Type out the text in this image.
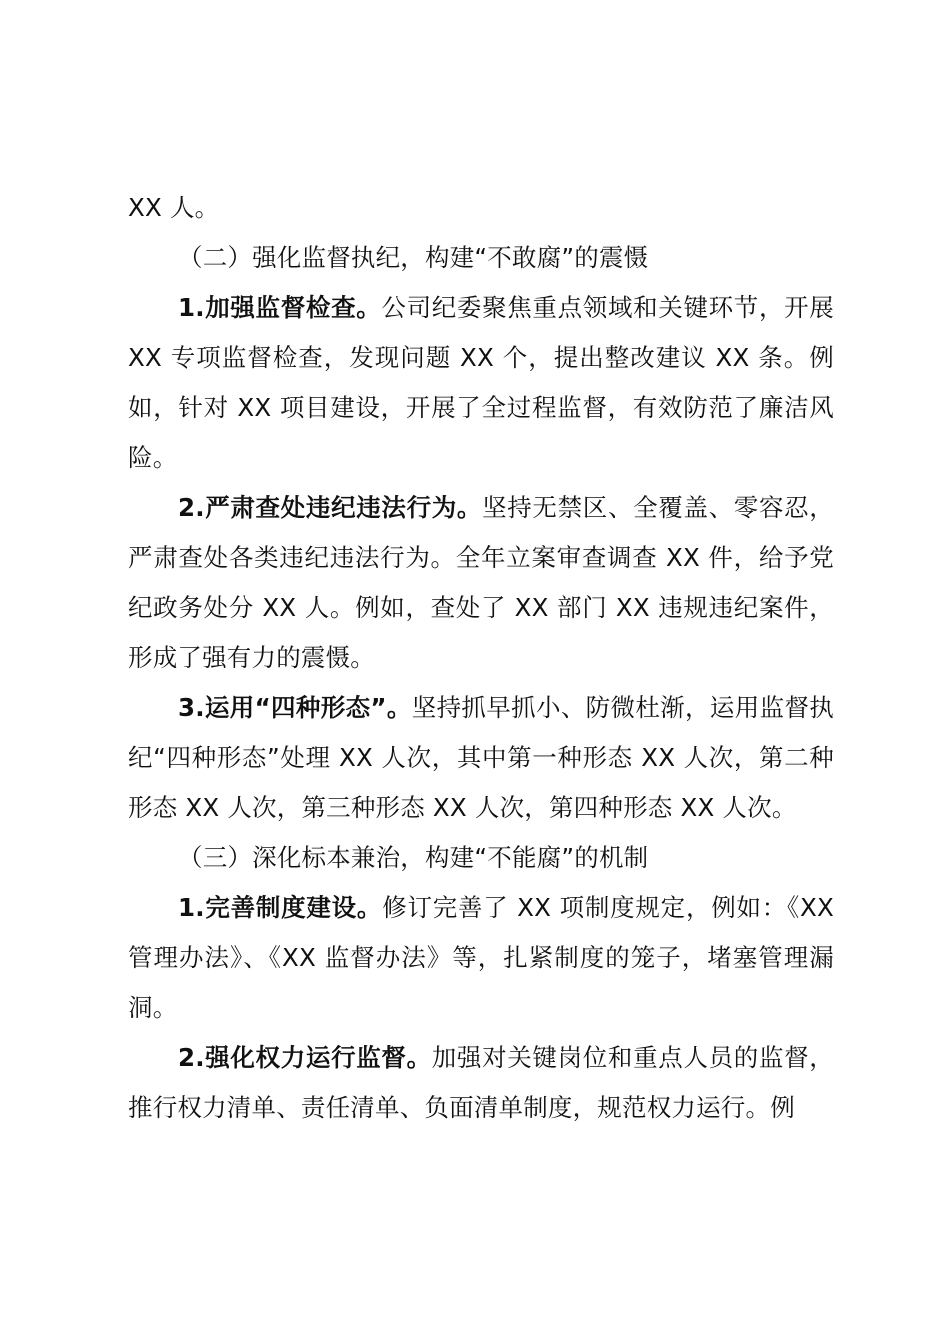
XX 人。

（二）强化监督执纪，构建“不敢腐”的震慑

1.加强监督检查。公司纪委聚焦重点领域和关键环节，开展 XX 专项监督检查，发现问题 XX 个，提出整改建议 XX 条。例如，针对 XX 项目建设，开展了全过程监督，有效防范了廉洁风险。

2.严肃查处违纪违法行为。坚持无禁区、全覆盖、零容忍，严肃查处各类违纪违法行为。全年立案审查调查 XX 件，给予党纪政务处分 XX 人。例如，查处了 XX 部门 XX 违规违纪案件，形成了强有力的震慑。

3.运用“四种形态”。坚持抓早抓小、防微杜渐，运用监督执纪“四种形态”处理 XX 人次，其中第一种形态 XX 人次，第二种形态 XX 人次，第三种形态 XX 人次，第四种形态 XX 人次。

（三）深化标本兼治，构建“不能腐”的机制

1.完善制度建设。修订完善了 XX 项制度规定，例如：《XX 管理办法》、《XX 监督办法》等，扎紧制度的笼子，堵塞管理漏洞。

2.强化权力运行监督。加强对关键岗位和重点人员的监督，推行权力清单、责任清单、负面清单制度，规范权力运行。例
